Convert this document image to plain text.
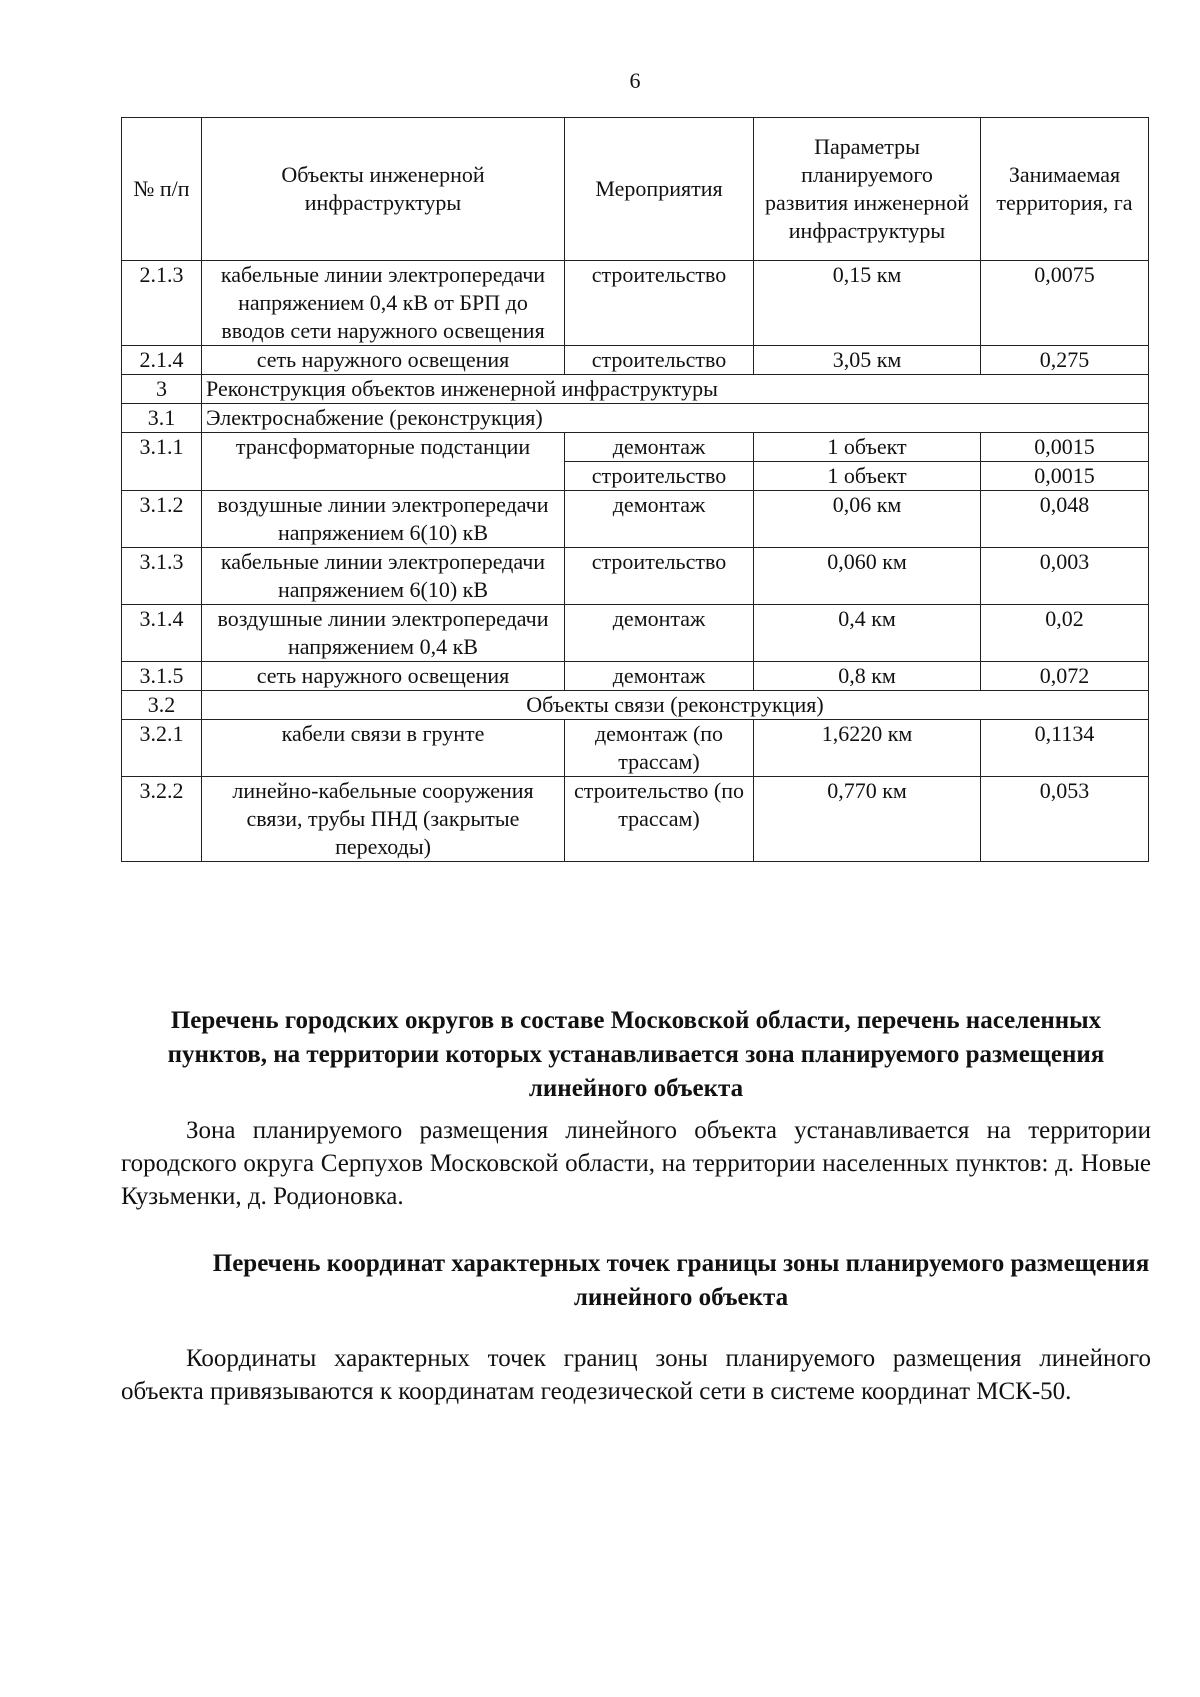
6
№ п/п	Объекты инженерной инфраструктуры	Мероприятия	Параметры планируемого развития инженерной инфраструктуры	Занимаемая территория, га
2.1.3	кабельные линии электропередачи напряжением 0,4 кВ от БРП до вводов сети наружного освещения	строительство	0,15 км	0,0075
2.1.4	сеть наружного освещения	строительство	3,05 км	0,275
3	Реконструкция объектов инженерной инфраструктуры			
3.1	Электроснабжение (реконструкция)			
3.1.1	трансформаторные подстанции	демонтаж	1 объект	0,0015
		строительство	1 объект	0,0015
3.1.2	воздушные линии электропередачи напряжением 6(10) кВ	демонтаж	0,06 км	0,048
3.1.3	кабельные линии электропередачи напряжением 6(10) кВ	строительство	0,060 км	0,003
3.1.4	воздушные линии электропередачи напряжением 0,4 кВ	демонтаж	0,4 км	0,02
3.1.5	сеть наружного освещения	демонтаж	0,8 км	0,072
3.2	Объекты связи (реконструкция)			
3.2.1	кабели связи в грунте	демонтаж (по трассам)	1,6220 км	0,1134
3.2.2	линейно-кабельные сооружения связи, трубы ПНД (закрытые переходы)	строительство (по трассам)	0,770 км	0,053
Перечень городских округов в составе Московской области, перечень населенных пунктов, на территории которых устанавливается зона планируемого размещения линейного объекта

Зона планируемого размещения линейного объекта устанавливается на территории городского округа Серпухов Московской области, на территории населенных пунктов: д. Новые Кузьменки, д. Родионовка.

Перечень координат характерных точек границы зоны планируемого размещения линейного объекта

Координаты характерных точек границ зоны планируемого размещения линейного объекта привязываются к координатам геодезической сети в системе координат МСК-50.
